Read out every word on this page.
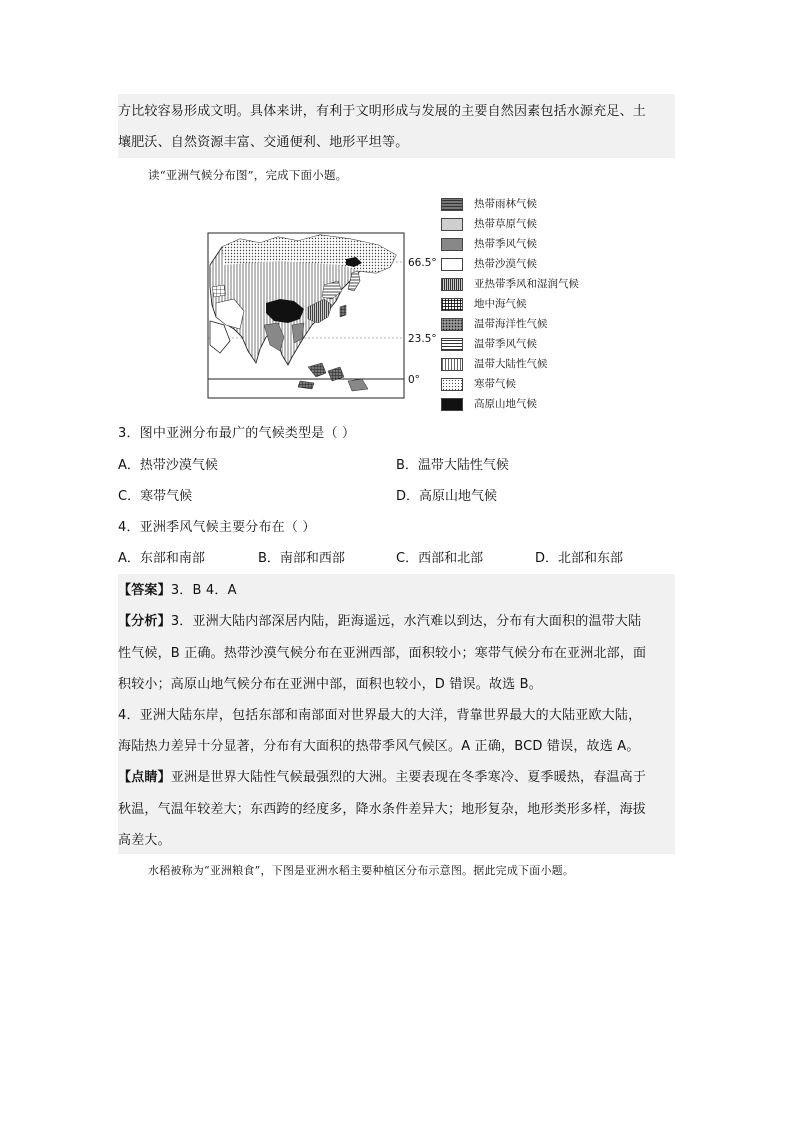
方比较容易形成文明。具体来讲，有利于文明形成与发展的主要自然因素包括水源充足、土
壤肥沃、自然资源丰富、交通便利、地形平坦等。
读“亚洲气候分布图”，完成下面小题。
66.5°
23.5°
0°
热带雨林气候
热带草原气候
热带季风气候
热带沙漠气候
亚热带季风和湿润气候
地中海气候
温带海洋性气候
温带季风气候
温带大陆性气候
寒带气候
高原山地气候
3．图中亚洲分布最广的气候类型是（ ）
A．热带沙漠气候	B．温带大陆性气候
C．寒带气候	D．高原山地气候
4．亚洲季风气候主要分布在（ ）
A．东部和南部	B．南部和西部	C．西部和北部	D．北部和东部
【答案】3．B 4．A
【分析】3．亚洲大陆内部深居内陆，距海遥远，水汽难以到达，分布有大面积的温带大陆
性气候，B 正确。热带沙漠气候分布在亚洲西部，面积较小；寒带气候分布在亚洲北部，面
积较小；高原山地气候分布在亚洲中部，面积也较小，D 错误。故选 B。
4．亚洲大陆东岸，包括东部和南部面对世界最大的大洋，背靠世界最大的大陆亚欧大陆，
海陆热力差异十分显著，分布有大面积的热带季风气候区。A 正确，BCD 错误，故选 A。
【点睛】亚洲是世界大陆性气候最强烈的大洲。主要表现在冬季寒冷、夏季暖热，春温高于
秋温，气温年较差大；东西跨的经度多，降水条件差异大；地形复杂，地形类形多样，海拔
高差大。
水稻被称为“亚洲粮食”，下图是亚洲水稻主要种植区分布示意图。据此完成下面小题。
